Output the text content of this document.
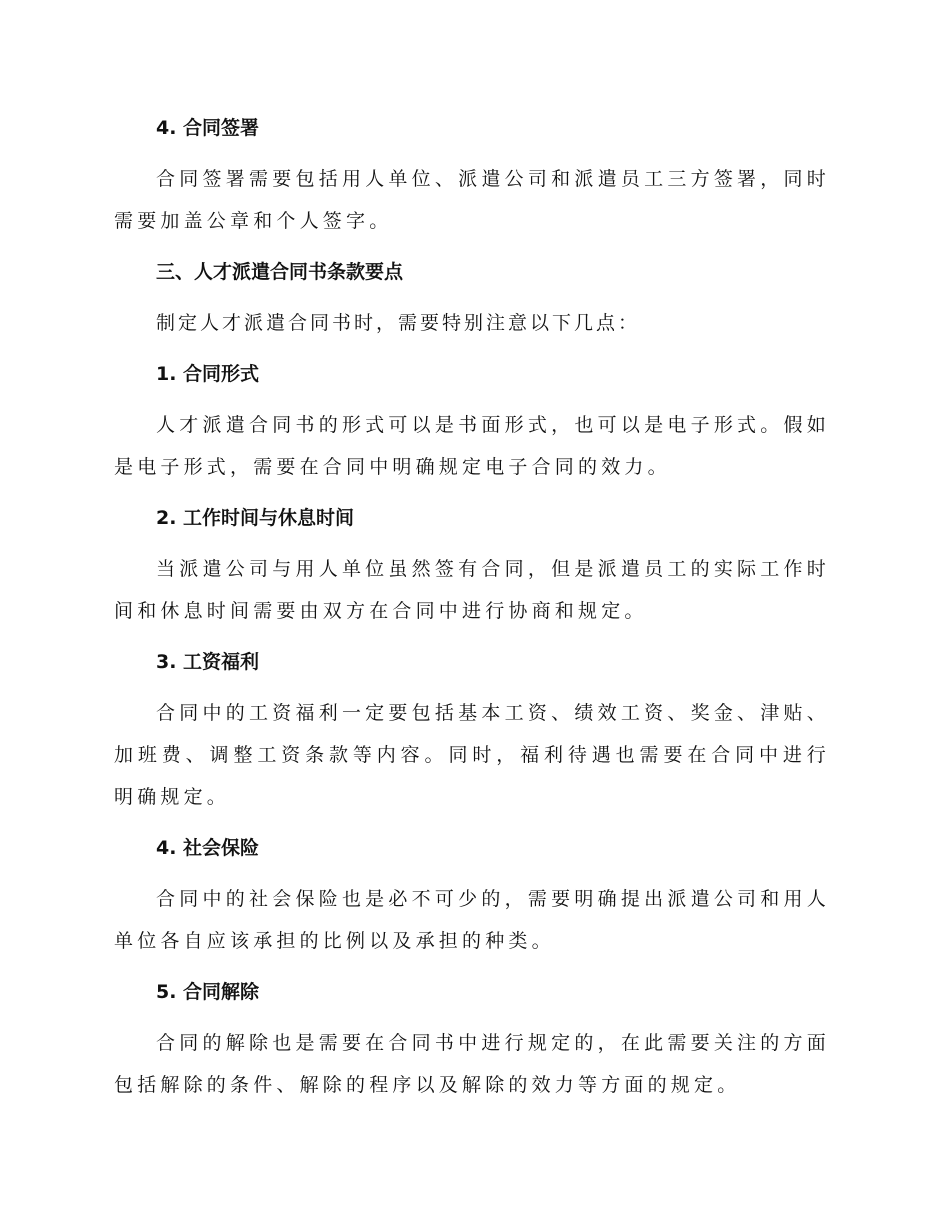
4. 合同签署
合同签署需要包括用人单位、派遣公司和派遣员工三方签署，同时需要加盖公章和个人签字。
三、人才派遣合同书条款要点
制定人才派遣合同书时，需要特别注意以下几点：
1. 合同形式
人才派遣合同书的形式可以是书面形式，也可以是电子形式。假如是电子形式，需要在合同中明确规定电子合同的效力。
2. 工作时间与休息时间
当派遣公司与用人单位虽然签有合同，但是派遣员工的实际工作时间和休息时间需要由双方在合同中进行协商和规定。
3. 工资福利
合同中的工资福利一定要包括基本工资、绩效工资、奖金、津贴、加班费、调整工资条款等内容。同时，福利待遇也需要在合同中进行明确规定。
4. 社会保险
合同中的社会保险也是必不可少的，需要明确提出派遣公司和用人单位各自应该承担的比例以及承担的种类。
5. 合同解除
合同的解除也是需要在合同书中进行规定的，在此需要关注的方面包括解除的条件、解除的程序以及解除的效力等方面的规定。
